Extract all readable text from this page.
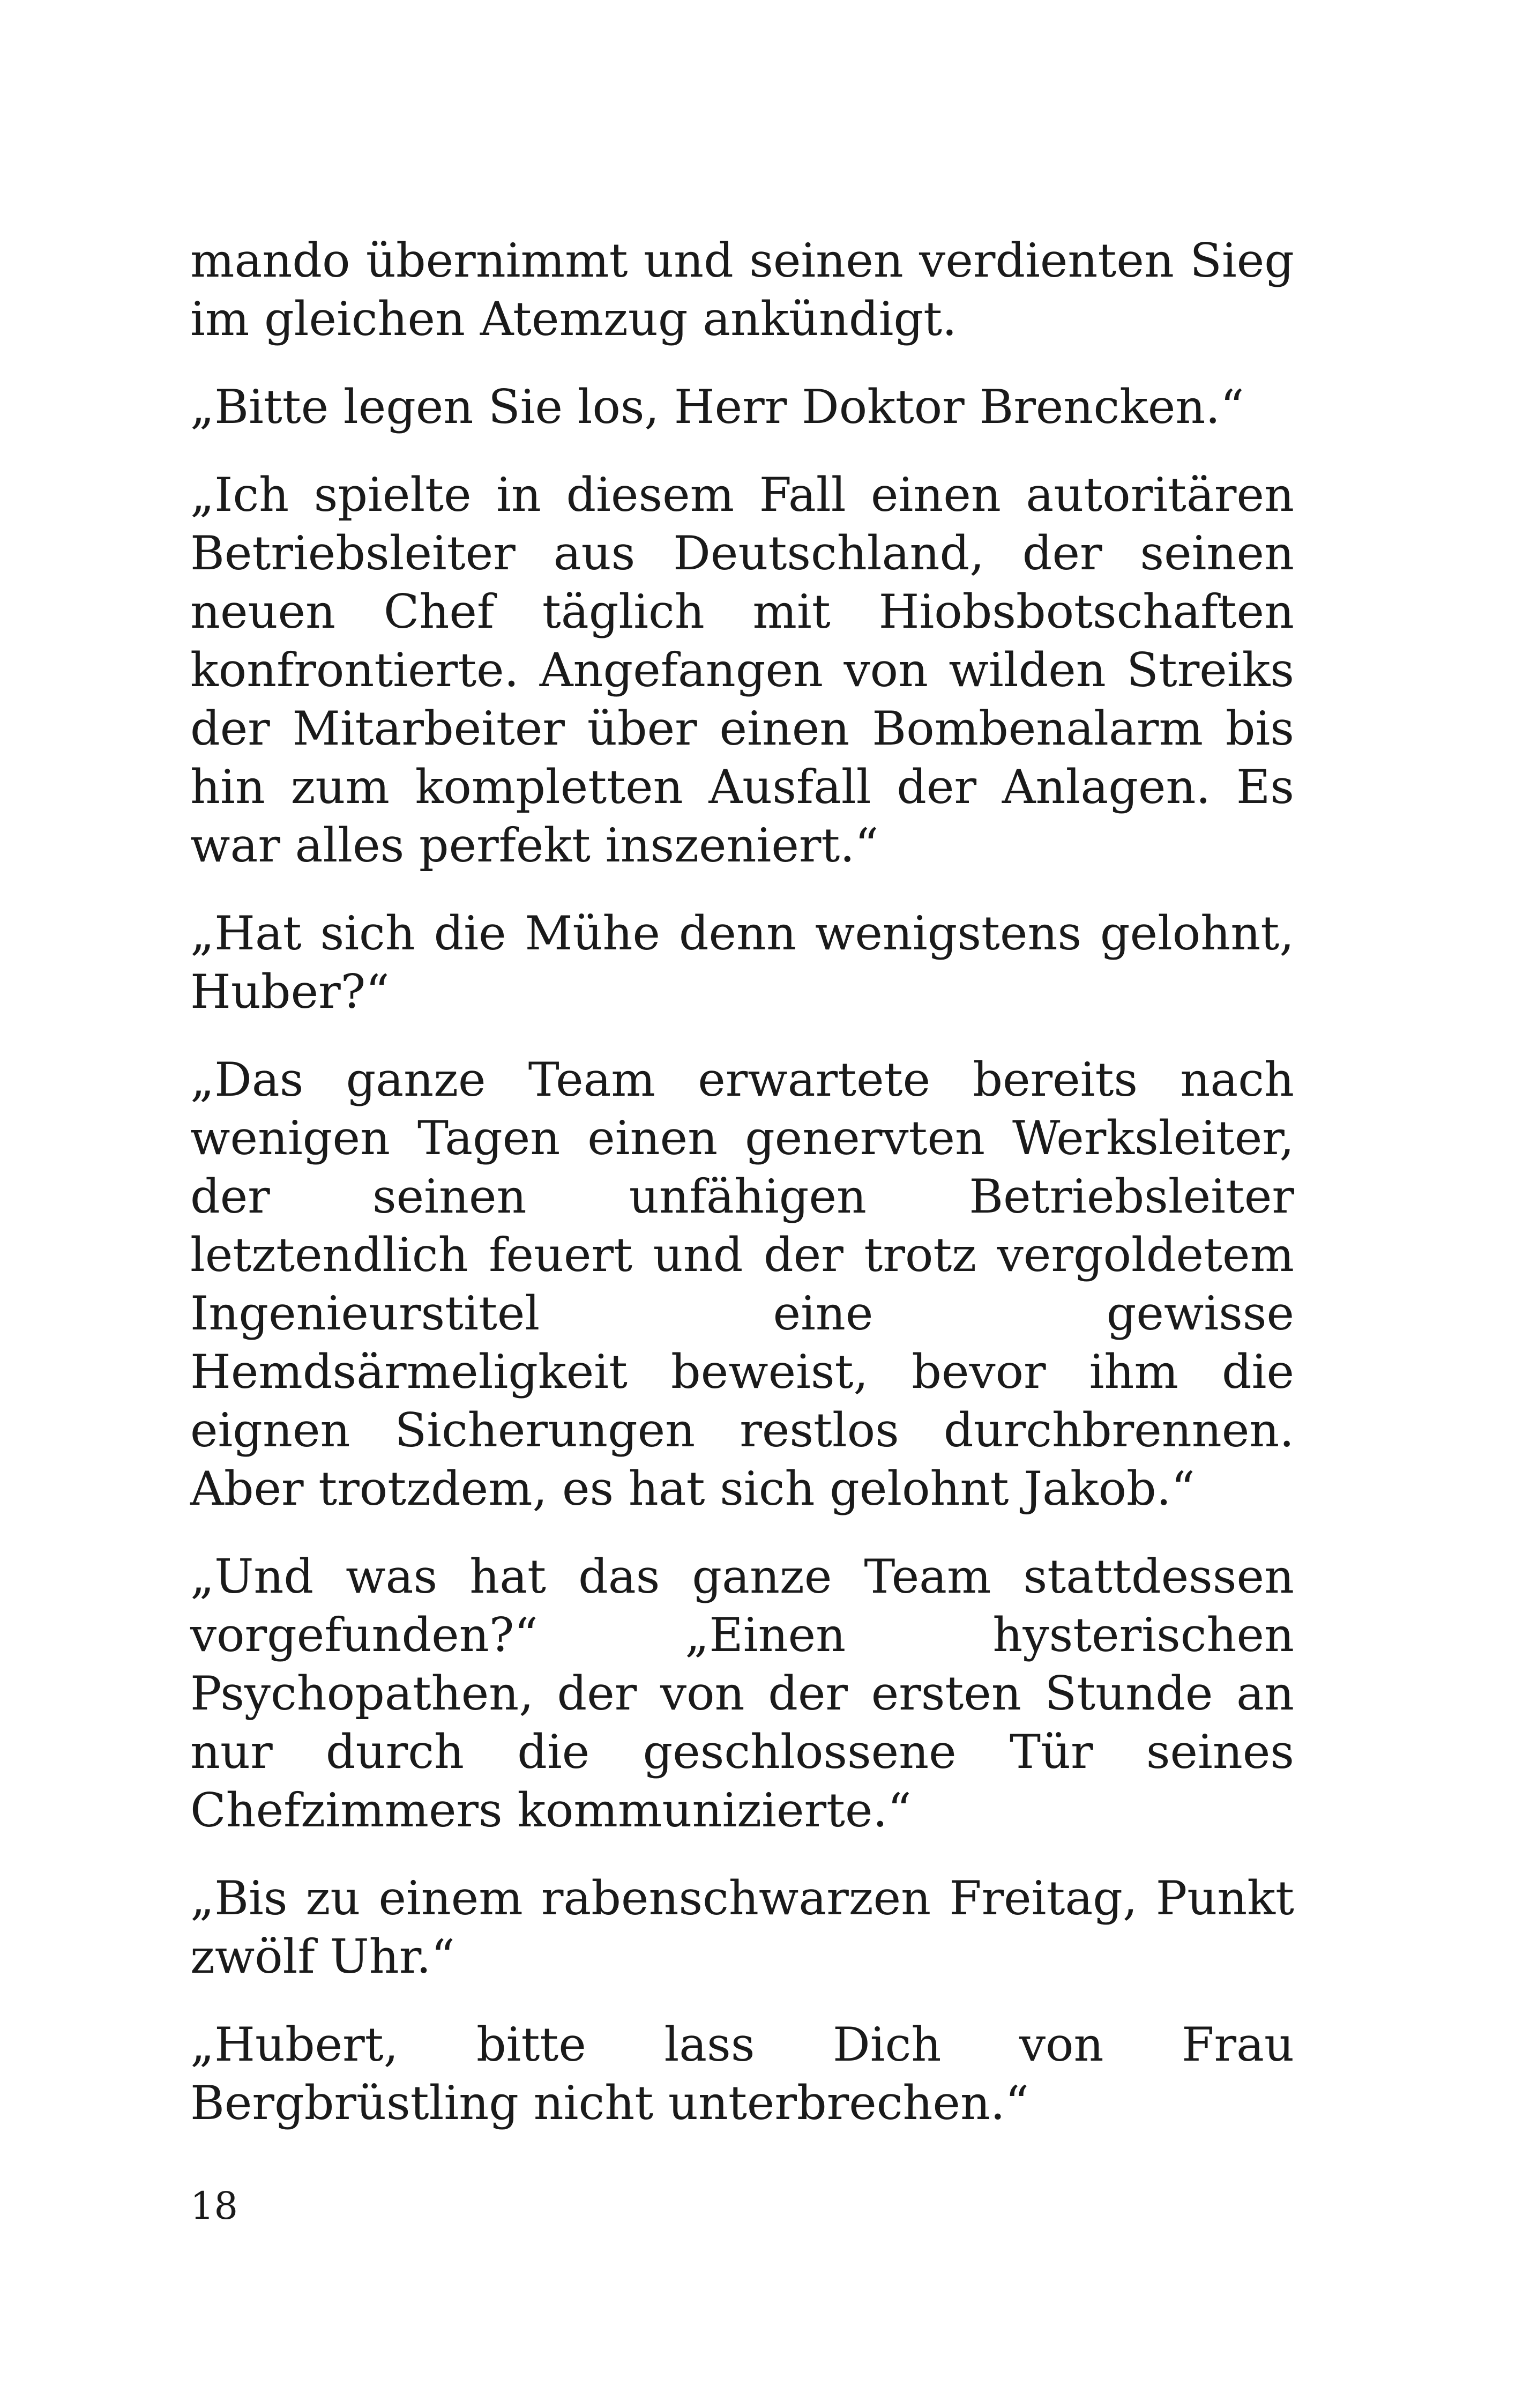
mando übernimmt und seinen verdienten Sieg im gleichen Atemzug ankündigt.

„Bitte legen Sie los, Herr Doktor Brencken.“

„Ich spielte in diesem Fall einen autoritären Betriebsleiter aus Deutschland, der seinen neuen Chef täglich mit Hiobsbotschaften konfrontierte. Angefangen von wilden Streiks der Mitarbeiter über einen Bombenalarm bis hin zum kompletten Ausfall der Anlagen. Es war alles perfekt inszeniert.“

„Hat sich die Mühe denn wenigstens gelohnt, Huber?“

„Das ganze Team erwartete bereits nach wenigen Tagen einen genervten Werksleiter, der seinen unfähigen Betriebsleiter letztendlich feuert und der trotz vergoldetem Ingenieurstitel eine gewisse Hemdsärmeligkeit beweist, bevor ihm die eignen Sicherungen restlos durchbrennen. Aber trotzdem, es hat sich gelohnt Jakob.“

„Und was hat das ganze Team stattdessen vorgefunden?“ „Einen hysterischen Psychopathen, der von der ersten Stunde an nur durch die geschlossene Tür seines Chefzimmers kommunizierte.“

„Bis zu einem rabenschwarzen Freitag, Punkt zwölf Uhr.“

„Hubert, bitte lass Dich von Frau Bergbrüstling nicht unterbrechen.“

18
